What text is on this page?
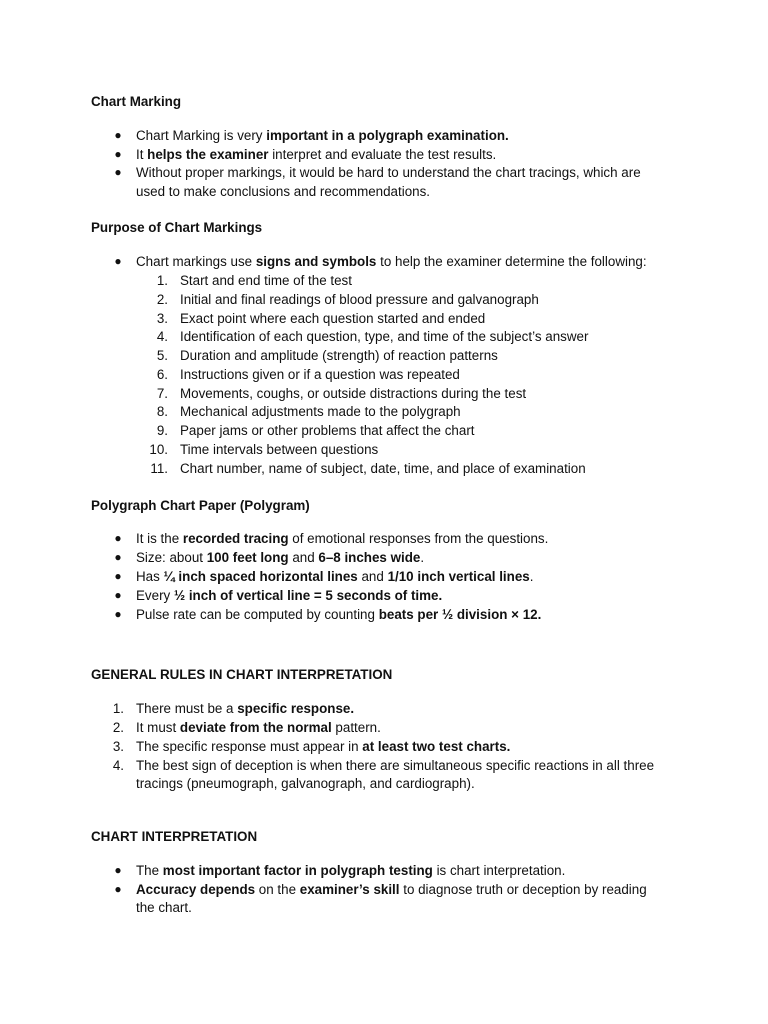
Chart Marking
● Chart Marking is very important in a polygraph examination.
● It helps the examiner interpret and evaluate the test results.
● Without proper markings, it would be hard to understand the chart tracings, which are
used to make conclusions and recommendations.
Purpose of Chart Markings
● Chart markings use signs and symbols to help the examiner determine the following:
1. Start and end time of the test
2. Initial and final readings of blood pressure and galvanograph
3. Exact point where each question started and ended
4. Identification of each question, type, and time of the subject’s answer
5. Duration and amplitude (strength) of reaction patterns
6. Instructions given or if a question was repeated
7. Movements, coughs, or outside distractions during the test
8. Mechanical adjustments made to the polygraph
9. Paper jams or other problems that affect the chart
10. Time intervals between questions
11. Chart number, name of subject, date, time, and place of examination
Polygraph Chart Paper (Polygram)
● It is the recorded tracing of emotional responses from the questions.
● Size: about 100 feet long and 6–8 inches wide.
● Has ¼ inch spaced horizontal lines and 1/10 inch vertical lines.
● Every ½ inch of vertical line = 5 seconds of time.
● Pulse rate can be computed by counting beats per ½ division × 12.
GENERAL RULES IN CHART INTERPRETATION
1. There must be a specific response.
2. It must deviate from the normal pattern.
3. The specific response must appear in at least two test charts.
4. The best sign of deception is when there are simultaneous specific reactions in all three
tracings (pneumograph, galvanograph, and cardiograph).
CHART INTERPRETATION
● The most important factor in polygraph testing is chart interpretation.
● Accuracy depends on the examiner’s skill to diagnose truth or deception by reading
the chart.
